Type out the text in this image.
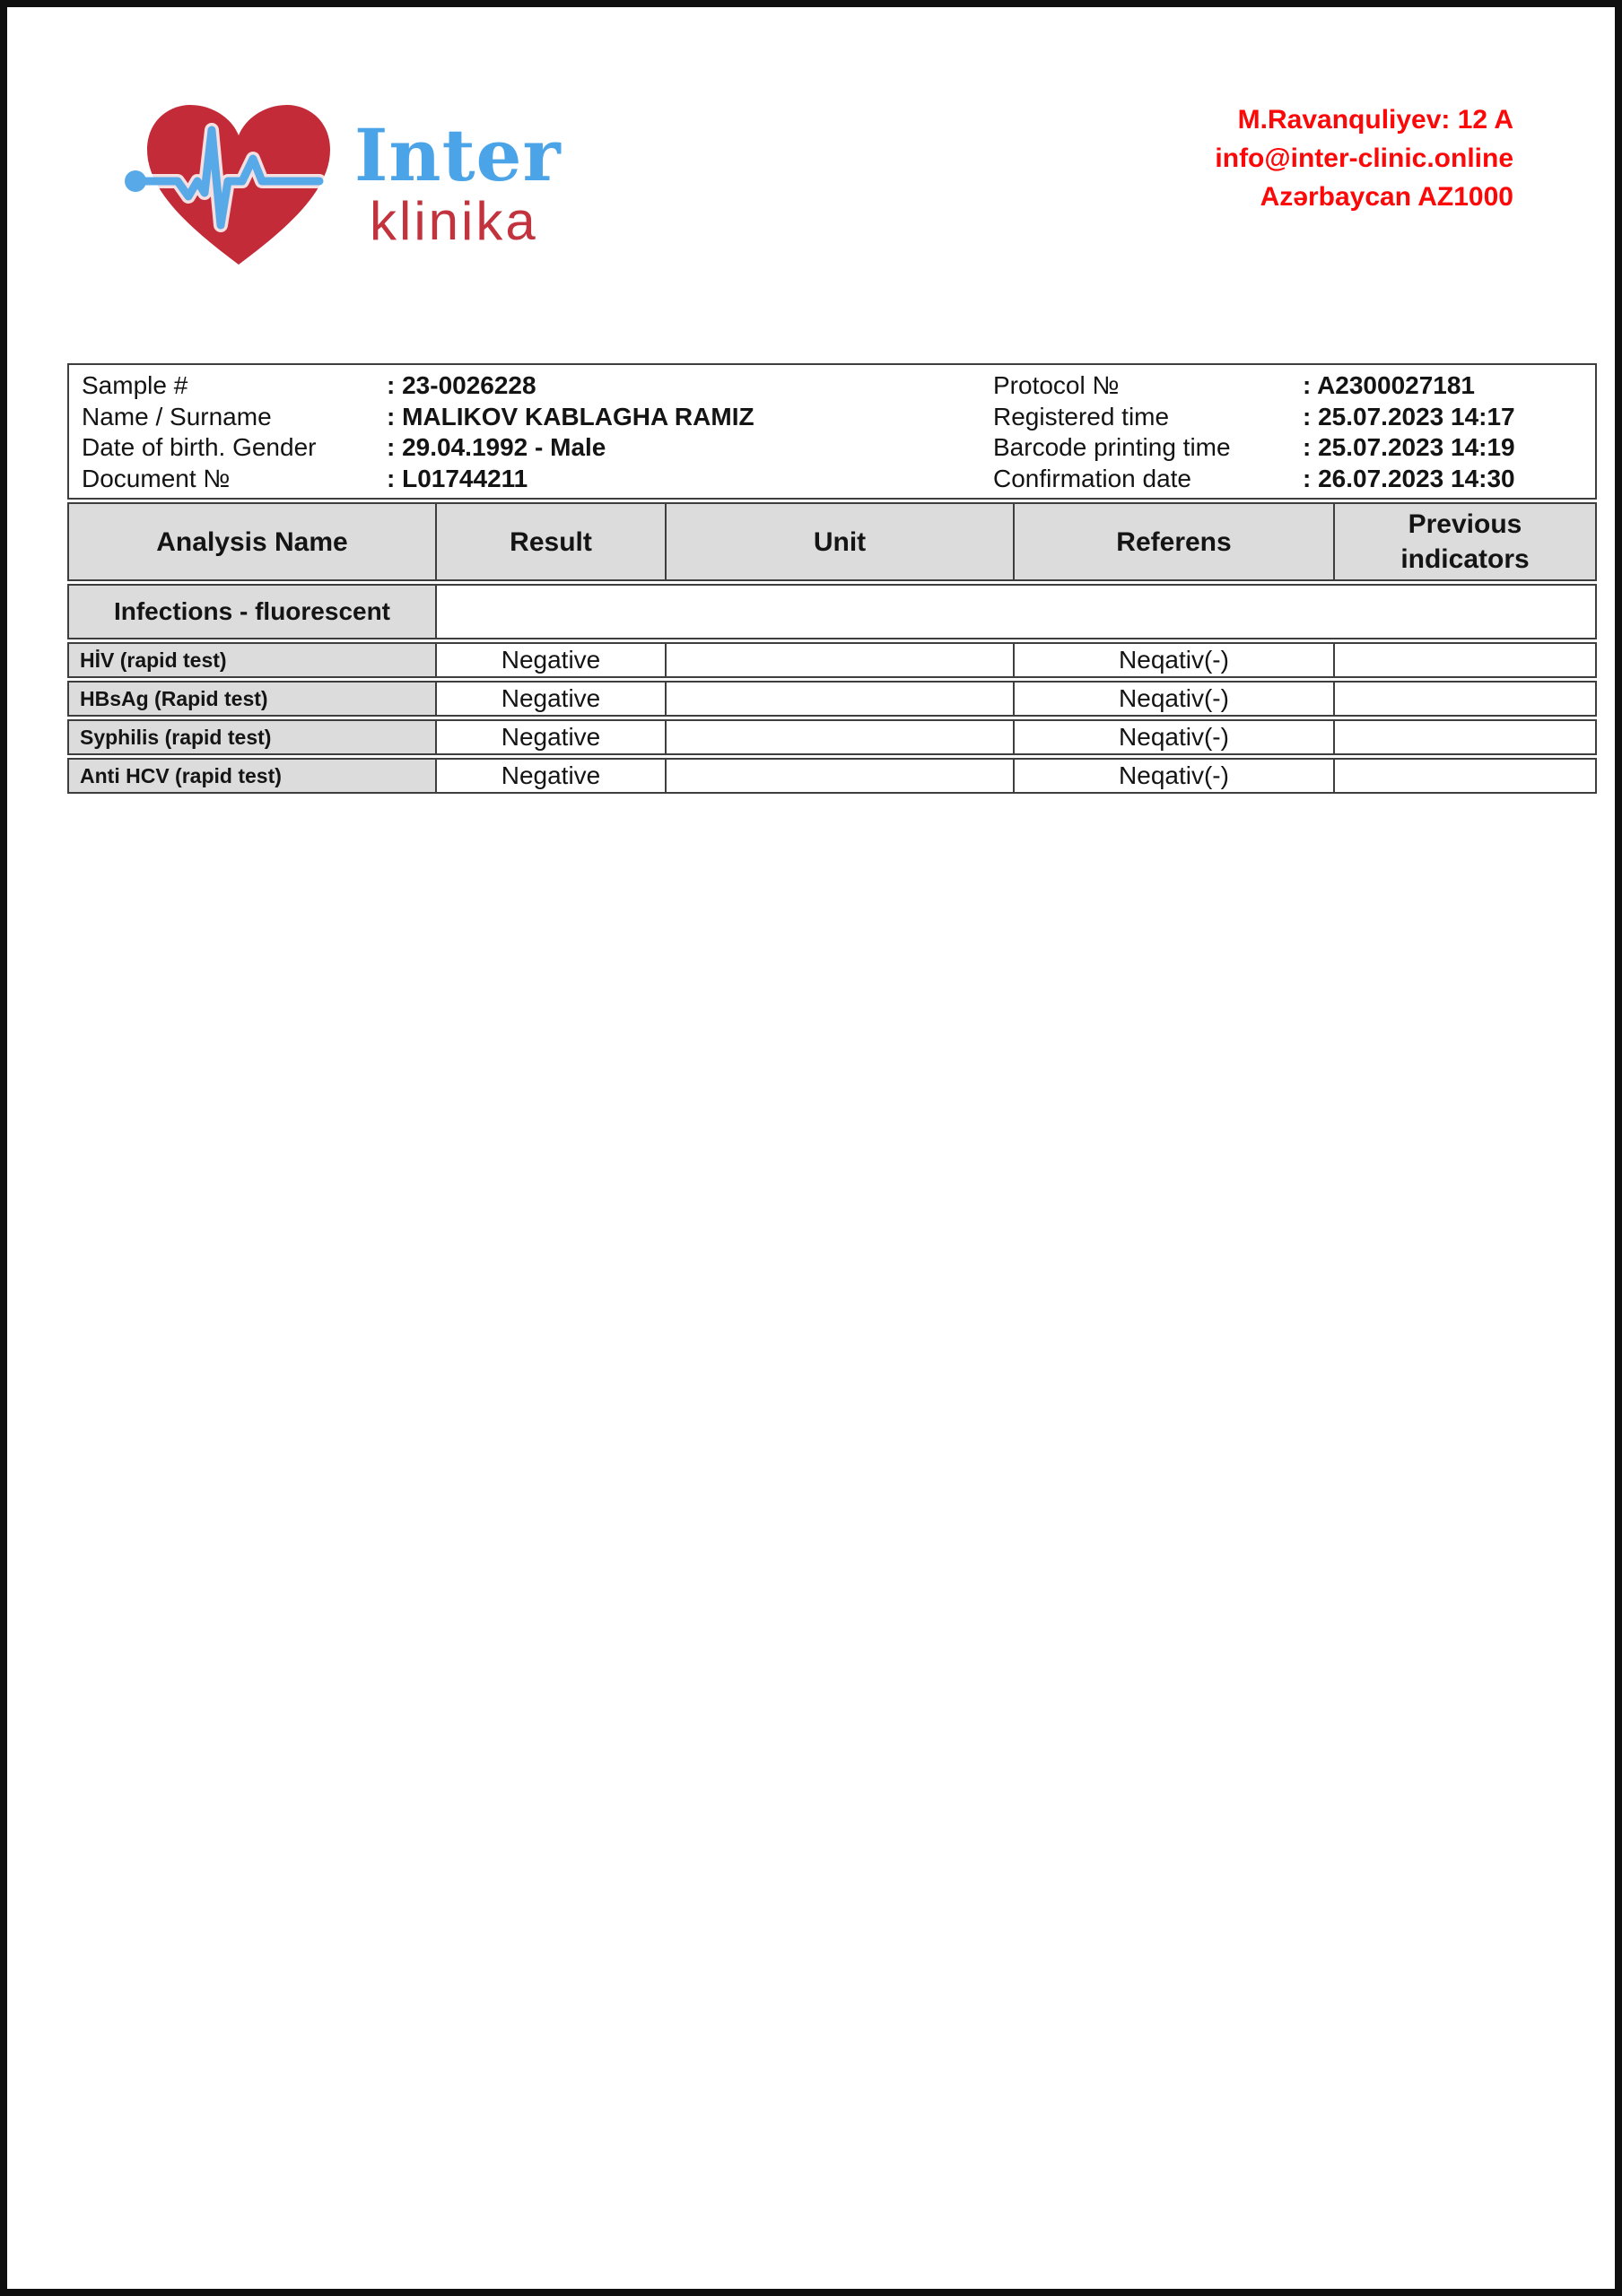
Inter
klinika
M.Ravanquliyev: 12 A
info@inter-clinic.online
Azərbaycan AZ1000
Sample #	: 23-0026228	Protocol №	: A2300027181
Name / Surname	: MALIKOV KABLAGHA RAMIZ	Registered time	: 25.07.2023 14:17
Date of birth. Gender	: 29.04.1992 - Male	Barcode printing time	: 25.07.2023 14:19
Document №	: L01744211	Confirmation date	: 26.07.2023 14:30
Analysis Name	Result	Unit	Referens	Previous indicators
Infections - fluorescent				
HİV (rapid test)	Negative		Neqativ(-)	
HBsAg (Rapid test)	Negative		Neqativ(-)	
Syphilis (rapid test)	Negative		Neqativ(-)	
Anti HCV (rapid test)	Negative		Neqativ(-)	
